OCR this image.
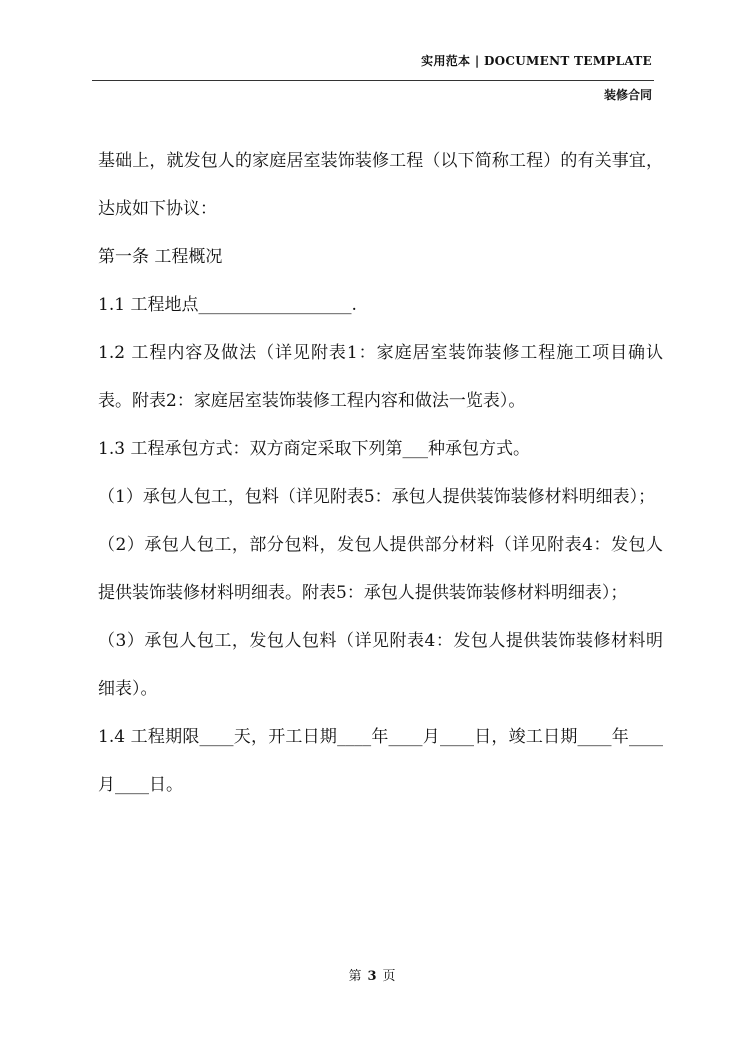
实用范本 | DOCUMENT TEMPLATE
装修合同

基础上，就发包人的家庭居室装饰装修工程（以下简称工程）的有关事宜，达成如下协议：

第一条 工程概况

1.1 工程地点__________________.

1.2 工程内容及做法（详见附表1：家庭居室装饰装修工程施工项目确认表。附表2：家庭居室装饰装修工程内容和做法一览表）。

1.3 工程承包方式：双方商定采取下列第___种承包方式。

（1）承包人包工，包料（详见附表5：承包人提供装饰装修材料明细表）；

（2）承包人包工，部分包料，发包人提供部分材料（详见附表4：发包人提供装饰装修材料明细表。附表5：承包人提供装饰装修材料明细表）；

（3）承包人包工，发包人包料（详见附表4：发包人提供装饰装修材料明细表）。

1.4 工程期限____天，开工日期____年____月____日，竣工日期____年____月____日。

第 3 页
